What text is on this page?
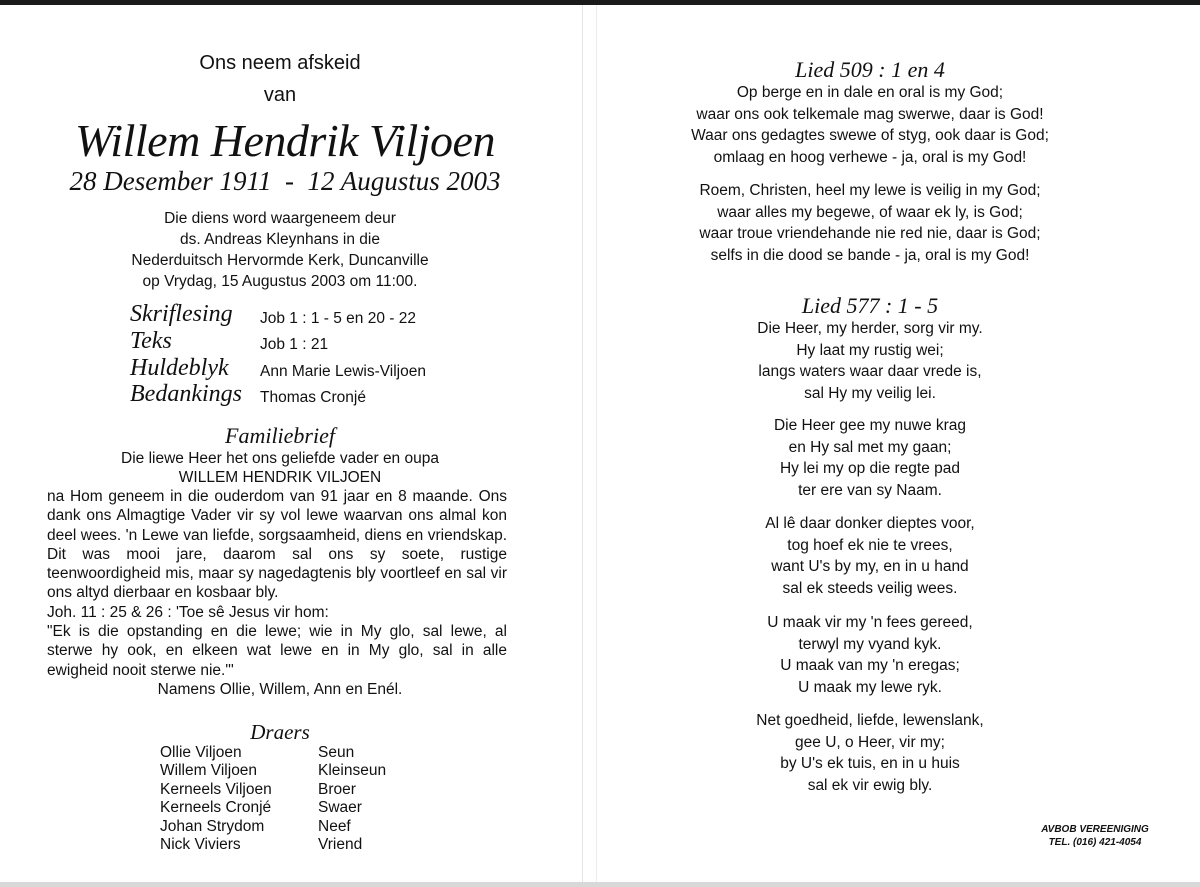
Ons neem afskeid
van
Willem Hendrik Viljoen
28 Desember 1911  -  12 Augustus 2003
Die diens word waargeneem deur
ds. Andreas Kleynhans in die
Nederduitsch Hervormde Kerk, Duncanville
op Vrydag, 15 Augustus 2003 om 11:00.
Skriflesing Job 1 : 1 - 5 en 20 - 22
Teks	Job 1 : 21
Huldeblyk Ann Marie Lewis-Viljoen
Bedankings Thomas Cronjé
Familiebrief
Die liewe Heer het ons geliefde vader en oupa
WILLEM HENDRIK VILJOEN

na Hom geneem in die ouderdom van 91 jaar en 8 maande. Ons dank ons Almagtige Vader vir sy vol lewe waarvan ons almal kon deel wees. 'n Lewe van liefde, sorgsaamheid, diens en vriendskap. Dit was mooi jare, daarom sal ons sy soete, rustige teenwoordigheid mis, maar sy nagedagtenis bly voortleef en sal vir ons altyd dierbaar en kosbaar bly.

Joh. 11 : 25 & 26 : 'Toe sê Jesus vir hom:

"Ek is die opstanding en die lewe; wie in My glo, sal lewe, al sterwe hy ook, en elkeen wat lewe en in My glo, sal in alle ewigheid nooit sterwe nie."'

Namens Ollie, Willem, Ann en Enél.
Draers
Ollie Viljoen	Seun
Willem Viljoen	Kleinseun
Kerneels Viljoen	Broer
Kerneels Cronjé	Swaer
Johan Strydom	Neef
Nick Viviers	Vriend
Lied 509 : 1 en 4
Op berge en in dale en oral is my God;
waar ons ook telkemale mag swerwe, daar is God!
Waar ons gedagtes swewe of styg, ook daar is God;
omlaag en hoog verhewe - ja, oral is my God!
Roem, Christen, heel my lewe is veilig in my God;
waar alles my begewe, of waar ek ly, is God;
waar troue vriendehande nie red nie, daar is God;
selfs in die dood se bande - ja, oral is my God!
Lied 577 : 1 - 5
Die Heer, my herder, sorg vir my.
Hy laat my rustig wei;
langs waters waar daar vrede is,
sal Hy my veilig lei.
Die Heer gee my nuwe krag
en Hy sal met my gaan;
Hy lei my op die regte pad
ter ere van sy Naam.
Al lê daar donker dieptes voor,
tog hoef ek nie te vrees,
want U's by my, en in u hand
sal ek steeds veilig wees.
U maak vir my 'n fees gereed,
terwyl my vyand kyk.
U maak van my 'n eregas;
U maak my lewe ryk.
Net goedheid, liefde, lewenslank,
gee U, o Heer, vir my;
by U's ek tuis, en in u huis
sal ek vir ewig bly.
AVBOB VEREENIGING
TEL. (016) 421-4054
